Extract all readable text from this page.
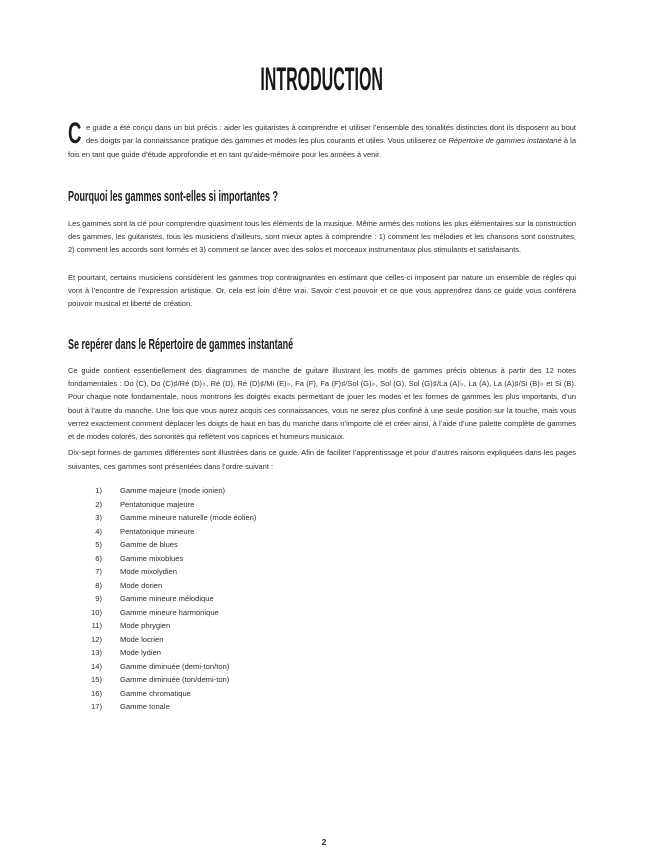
INTRODUCTION

Ce guide a été conçu dans un but précis : aider les guitaristes à comprendre et utiliser l’ensemble des tonalités distinctes dont ils disposent au bout des doigts par la connaissance pratique des gammes et modes les plus courants et utiles. Vous utiliserez ce Répertoire de gammes instantané à la fois en tant que guide d’étude approfondie et en tant qu’aide-mémoire pour les années à venir.

Pourquoi les gammes sont-elles si importantes ?

Les gammes sont la clé pour comprendre quasiment tous les éléments de la musique. Même armés des notions les plus élémentaires sur la construction des gammes, les guitaristes, tous les musiciens d’ailleurs, sont mieux aptes à comprendre : 1) comment les mélodies et les chansons sont construites, 2) comment les accords sont formés et 3) comment se lancer avec des solos et morceaux instrumentaux plus stimulants et satisfaisants.

Et pourtant, certains musiciens considèrent les gammes trop contraignantes en estimant que celles-ci imposent par nature un ensemble de règles qui vont à l’encontre de l’expression artistique. Or, cela est loin d’être vrai. Savoir c’est pouvoir et ce que vous apprendrez dans ce guide vous conférera pouvoir musical et liberté de création.

Se repérer dans le Répertoire de gammes instantané

Ce guide contient essentiellement des diagrammes de manche de guitare illustrant les motifs de gammes précis obtenus à partir des 12 notes fondamentales : Do (C), Do (C)♯/Ré (D)♭, Ré (D), Ré (D)♯/Mi (E)♭, Fa (F), Fa (F)♯/Sol (G)♭, Sol (G), Sol (G)♯/La (A)♭, La (A), La (A)♯/Si (B)♭ et Si (B). Pour chaque note fondamentale, nous montrons les doigtés exacts permettant de jouer les modes et les formes de gammes les plus importants, d’un bout à l’autre du manche. Une fois que vous aurez acquis ces connaissances, vous ne serez plus confiné à une seule position sur la touche, mais vous verrez exactement comment déplacer les doigts de haut en bas du manche dans n’importe clé et créer ainsi, à l’aide d’une palette complète de gammes et de modes colorés, des sonorités qui reflètent vos caprices et humeurs musicaux.

Dix-sept formes de gammes différentes sont illustrées dans ce guide. Afin de faciliter l’apprentissage et pour d’autres raisons expliquées dans les pages suivantes, ces gammes sont présentées dans l’ordre suivant :

1) Gamme majeure (mode ionien)
2) Pentatonique majeure
3) Gamme mineure naturelle (mode éolien)
4) Pentatonique mineure
5) Gamme de blues
6) Gamme mixoblues
7) Mode mixolydien
8) Mode dorien
9) Gamme mineure mélodique
10) Gamme mineure harmonique
11) Mode phrygien
12) Mode locrien
13) Mode lydien
14) Gamme diminuée (demi-ton/ton)
15) Gamme diminuée (ton/demi-ton)
16) Gamme chromatique
17) Gamme tonale
2
